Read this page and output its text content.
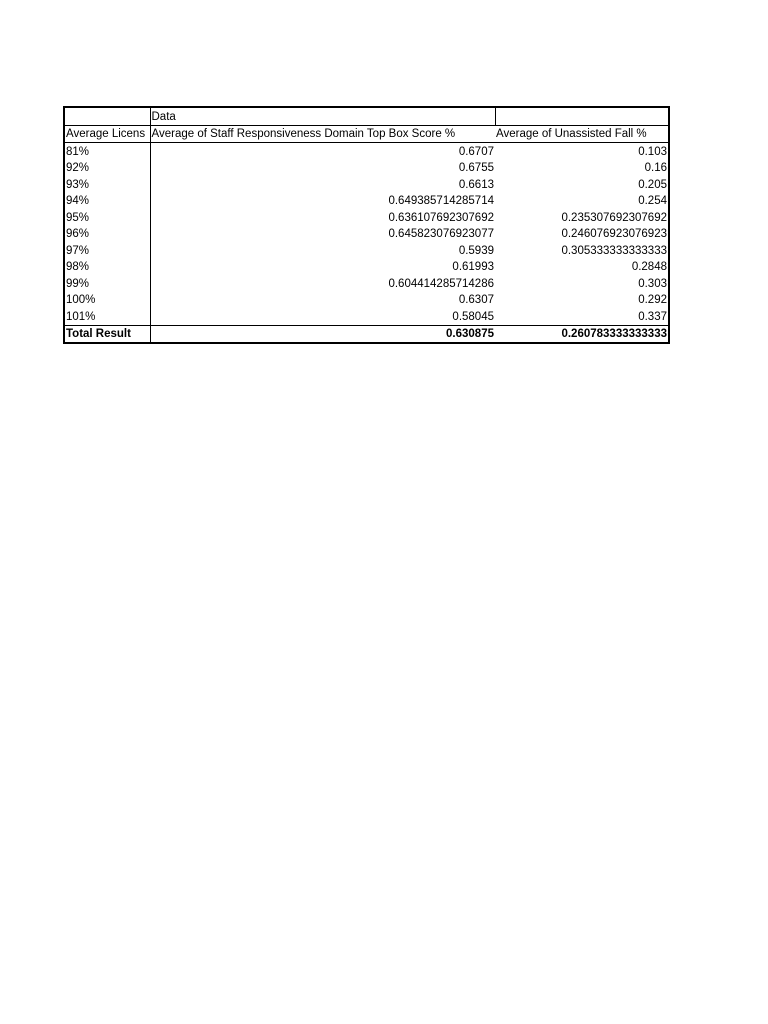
	Data	
Average Licens	Average of Staff Responsiveness Domain Top Box Score %	Average of Unassisted Fall %
81%	0.6707	0.103
92%	0.6755	0.16
93%	0.6613	0.205
94%	0.649385714285714	0.254
95%	0.636107692307692	0.235307692307692
96%	0.645823076923077	0.246076923076923
97%	0.5939	0.305333333333333
98%	0.61993	0.2848
99%	0.604414285714286	0.303
100%	0.6307	0.292
101%	0.58045	0.337
Total Result	0.630875	0.260783333333333
